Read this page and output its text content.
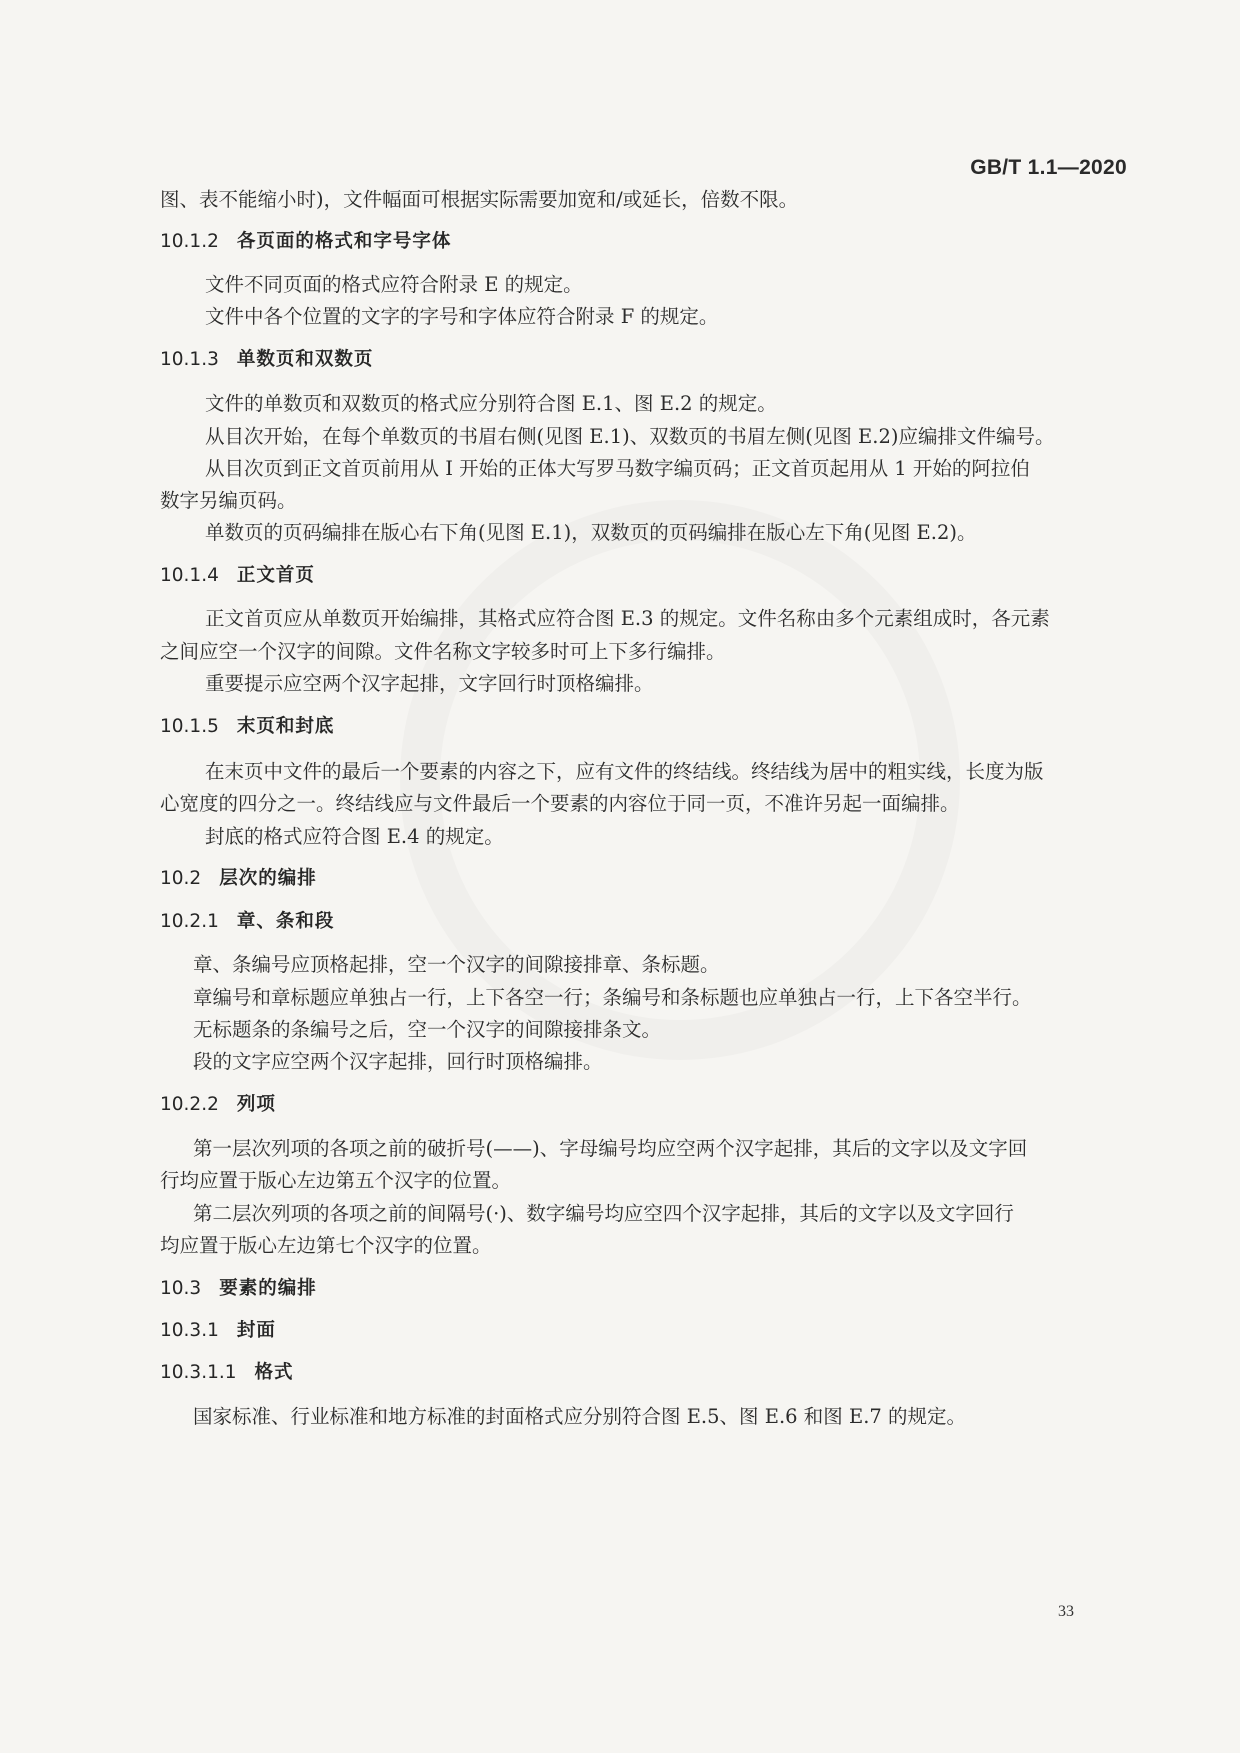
GB/T 1.1—2020
图、表不能缩小时)，文件幅面可根据实际需要加宽和/或延长，倍数不限。
10.1.2 各页面的格式和字号字体
文件不同页面的格式应符合附录 E 的规定。
文件中各个位置的文字的字号和字体应符合附录 F 的规定。
10.1.3 单数页和双数页
文件的单数页和双数页的格式应分别符合图 E.1、图 E.2 的规定。
从目次开始，在每个单数页的书眉右侧(见图 E.1)、双数页的书眉左侧(见图 E.2)应编排文件编号。
从目次页到正文首页前用从 Ⅰ 开始的正体大写罗马数字编页码；正文首页起用从 1 开始的阿拉伯
数字另编页码。
单数页的页码编排在版心右下角(见图 E.1)，双数页的页码编排在版心左下角(见图 E.2)。
10.1.4 正文首页
正文首页应从单数页开始编排，其格式应符合图 E.3 的规定。文件名称由多个元素组成时，各元素
之间应空一个汉字的间隙。文件名称文字较多时可上下多行编排。
重要提示应空两个汉字起排，文字回行时顶格编排。
10.1.5 末页和封底
在末页中文件的最后一个要素的内容之下，应有文件的终结线。终结线为居中的粗实线，长度为版
心宽度的四分之一。终结线应与文件最后一个要素的内容位于同一页，不准许另起一面编排。
封底的格式应符合图 E.4 的规定。
10.2 层次的编排
10.2.1 章、条和段
章、条编号应顶格起排，空一个汉字的间隙接排章、条标题。
章编号和章标题应单独占一行，上下各空一行；条编号和条标题也应单独占一行，上下各空半行。
无标题条的条编号之后，空一个汉字的间隙接排条文。
段的文字应空两个汉字起排，回行时顶格编排。
10.2.2 列项
第一层次列项的各项之前的破折号(——)、字母编号均应空两个汉字起排，其后的文字以及文字回
行均应置于版心左边第五个汉字的位置。
第二层次列项的各项之前的间隔号(·)、数字编号均应空四个汉字起排，其后的文字以及文字回行
均应置于版心左边第七个汉字的位置。
10.3 要素的编排
10.3.1 封面
10.3.1.1 格式
国家标准、行业标准和地方标准的封面格式应分别符合图 E.5、图 E.6 和图 E.7 的规定。
33
